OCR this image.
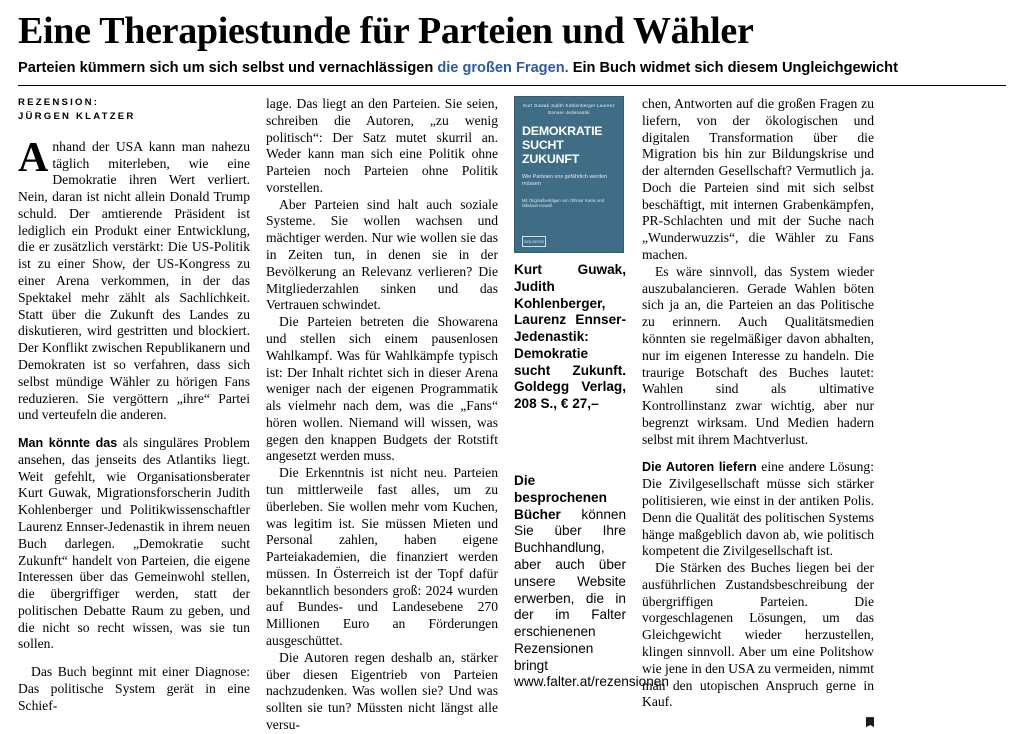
Eine Therapiestunde für Parteien und Wähler
Parteien kümmern sich um sich selbst und vernachlässigen die großen Fragen. Ein Buch widmet sich diesem Ungleichgewicht
REZENSION:
JÜRGEN KLATZER

Anhand der USA kann man nahezu täglich miterleben, wie eine Demokratie ihren Wert verliert. Nein, daran ist nicht allein Donald Trump schuld. Der amtierende Präsident ist lediglich ein Produkt einer Entwicklung, die er zusätzlich verstärkt: Die US-Politik ist zu einer Show, der US-Kongress zu einer Arena verkommen, in der das Spektakel mehr zählt als Sachlichkeit. Statt über die Zukunft des Landes zu diskutieren, wird gestritten und blockiert. Der Konflikt zwischen Republikanern und Demokraten ist so verfahren, dass sich selbst mündige Wähler zu hörigen Fans reduzieren. Sie vergöttern „ihre“ Partei und verteufeln die anderen.

Man könnte das als singuläres Problem ansehen, das jenseits des Atlantiks liegt. Weit gefehlt, wie Organisationsberater Kurt Guwak, Migrationsforscherin Judith Kohlenberger und Politikwissenschaftler Laurenz Ennser-Jedenastik in ihrem neuen Buch darlegen. „Demokratie sucht Zukunft“ handelt von Parteien, die eigene Interessen über das Gemeinwohl stellen, die übergriffiger werden, statt der politischen Debatte Raum zu geben, und die nicht so recht wissen, was sie tun sollen.

Das Buch beginnt mit einer Diagnose: Das politische System gerät in eine Schief-

lage. Das liegt an den Parteien. Sie seien, schreiben die Autoren, „zu wenig politisch“: Der Satz mutet skurril an. Weder kann man sich eine Politik ohne Parteien noch Parteien ohne Politik vorstellen.

Aber Parteien sind halt auch soziale Systeme. Sie wollen wachsen und mächtiger werden. Nur wie wollen sie das in Zeiten tun, in denen sie in der Bevölkerung an Relevanz verlieren? Die Mitgliederzahlen sinken und das Vertrauen schwindet.

Die Parteien betreten die Showarena und stellen sich einem pausenlosen Wahlkampf. Was für Wahlkämpfe typisch ist: Der Inhalt richtet sich in dieser Arena weniger nach der eigenen Programmatik als vielmehr nach dem, was die „Fans“ hören wollen. Niemand will wissen, was gegen den knappen Budgets der Rotstift angesetzt werden muss.

Die Erkenntnis ist nicht neu. Parteien tun mittlerweile fast alles, um zu überleben. Sie wollen mehr vom Kuchen, was legitim ist. Sie müssen Mieten und Personal zahlen, haben eigene Parteiakademien, die finanziert werden müssen. In Österreich ist der Topf dafür bekanntlich besonders groß: 2024 wurden auf Bundes- und Landesebene 270 Millionen Euro an Förderungen ausgeschüttet.

Die Autoren regen deshalb an, stärker über diesen Eigentrieb von Parteien nachzudenken. Was wollen sie? Und was sollten sie tun? Müssten nicht längst alle versu-

Kurt Guwak Judith Kohlenberger Laurenz Ennser-Jedenastik
DEMOKRATIE SUCHT ZUKUNFT
Wie Parteien uns gefährlich werden müssen
Mit Originalbeiträgen von Othmar Karas und Nikolaus Kowall
GOLDEGG

Kurt Guwak, Judith Kohlenberger, Laurenz Ennser-Jedenastik: Demokratie sucht Zukunft. Goldegg Verlag, 208 S., € 27,–

Die besprochenen Bücher können Sie über Ihre Buchhandlung, aber auch über unsere Website erwerben, die in der im Falter erschienenen Rezensionen bringt

www.falter.at/rezensionen

chen, Antworten auf die großen Fragen zu liefern, von der ökologischen und digitalen Transformation über die Migration bis hin zur Bildungskrise und der alternden Gesellschaft? Vermutlich ja. Doch die Parteien sind mit sich selbst beschäftigt, mit internen Grabenkämpfen, PR-Schlachten und mit der Suche nach „Wunderwuzzis“, die Wähler zu Fans machen.

Es wäre sinnvoll, das System wieder auszubalancieren. Gerade Wahlen böten sich ja an, die Parteien an das Politische zu erinnern. Auch Qualitätsmedien könnten sie regelmäßiger davon abhalten, nur im eigenen Interesse zu handeln. Die traurige Botschaft des Buches lautet: Wahlen sind als ultimative Kontrollinstanz zwar wichtig, aber nur begrenzt wirksam. Und Medien hadern selbst mit ihrem Machtverlust.

Die Autoren liefern eine andere Lösung: Die Zivilgesellschaft müsse sich stärker politisieren, wie einst in der antiken Polis. Denn die Qualität des politischen Systems hänge maßgeblich davon ab, wie politisch kompetent die Zivilgesellschaft ist.

Die Stärken des Buches liegen bei der ausführlichen Zustandsbeschreibung der übergriffigen Parteien. Die vorgeschlagenen Lösungen, um das Gleichgewicht wieder herzustellen, klingen sinnvoll. Aber um eine Politshow wie jene in den USA zu vermeiden, nimmt man den utopischen Anspruch gerne in Kauf.
